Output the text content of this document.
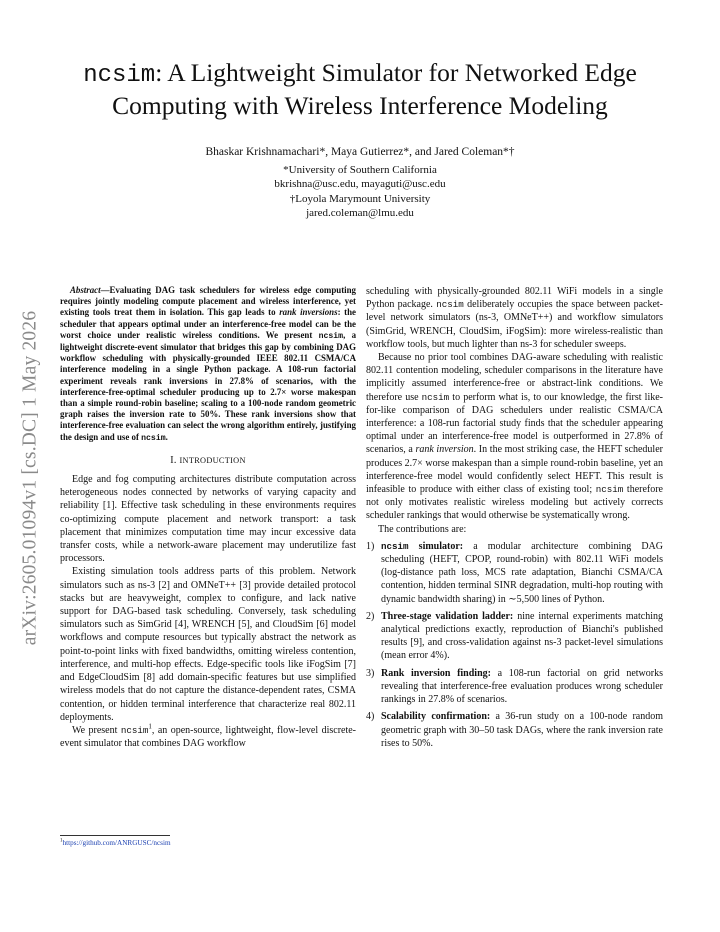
arXiv:2605.01094v1 [cs.DC] 1 May 2026
ncsim: A Lightweight Simulator for Networked Edge Computing with Wireless Interference Modeling
Bhaskar Krishnamachari*, Maya Gutierrez*, and Jared Coleman*†
*University of Southern California
bkrishna@usc.edu, mayaguti@usc.edu
†Loyola Marymount University
jared.coleman@lmu.edu

Abstract—Evaluating DAG task schedulers for wireless edge computing requires jointly modeling compute placement and wireless interference, yet existing tools treat them in isolation. This gap leads to rank inversions: the scheduler that appears optimal under an interference-free model can be the worst choice under realistic wireless conditions. We present ncsim, a lightweight discrete-event simulator that bridges this gap by combining DAG workflow scheduling with physically-grounded IEEE 802.11 CSMA/CA interference modeling in a single Python package. A 108-run factorial experiment reveals rank inversions in 27.8% of scenarios, with the interference-free-optimal scheduler producing up to 2.7× worse makespan than a simple round-robin baseline; scaling to a 100-node random geometric graph raises the inversion rate to 50%. These rank inversions show that interference-free evaluation can select the wrong algorithm entirely, justifying the design and use of ncsim.

I. INTRODUCTION

Edge and fog computing architectures distribute computation across heterogeneous nodes connected by networks of varying capacity and reliability [1]. Effective task scheduling in these environments requires co-optimizing compute placement and network transport: a task placement that minimizes computation time may incur excessive data transfer costs, while a network-aware placement may underutilize fast processors.

Existing simulation tools address parts of this problem. Network simulators such as ns-3 [2] and OMNeT++ [3] provide detailed protocol stacks but are heavyweight, complex to configure, and lack native support for DAG-based task scheduling. Conversely, task scheduling simulators such as SimGrid [4], WRENCH [5], and CloudSim [6] model workflows and compute resources but typically abstract the network as point-to-point links with fixed bandwidths, omitting wireless contention, interference, and multi-hop effects. Edge-specific tools like iFogSim [7] and EdgeCloudSim [8] add domain-specific features but use simplified wireless models that do not capture the distance-dependent rates, CSMA contention, or hidden terminal interference that characterize real 802.11 deployments.

We present ncsim$^1$, an open-source, lightweight, flow-level discrete-event simulator that combines DAG workflow

scheduling with physically-grounded 802.11 WiFi models in a single Python package. ncsim deliberately occupies the space between packet-level network simulators (ns-3, OMNeT++) and workflow simulators (SimGrid, WRENCH, CloudSim, iFogSim): more wireless-realistic than workflow tools, but much lighter than ns-3 for scheduler sweeps.

Because no prior tool combines DAG-aware scheduling with realistic 802.11 contention modeling, scheduler comparisons in the literature have implicitly assumed interference-free or abstract-link conditions. We therefore use ncsim to perform what is, to our knowledge, the first like-for-like comparison of DAG schedulers under realistic CSMA/CA interference: a 108-run factorial study finds that the scheduler appearing optimal under an interference-free model is outperformed in 27.8% of scenarios, a rank inversion. In the most striking case, the HEFT scheduler produces 2.7× worse makespan than a simple round-robin baseline, yet an interference-free model would confidently select HEFT. This result is infeasible to produce with either class of existing tool; ncsim therefore not only motivates realistic wireless modeling but actively corrects scheduler rankings that would otherwise be systematically wrong.

The contributions are:

1) ncsim simulator: a modular architecture combining DAG scheduling (HEFT, CPOP, round-robin) with 802.11 WiFi models (log-distance path loss, MCS rate adaptation, Bianchi CSMA/CA contention, hidden terminal SINR degradation, multi-hop routing with dynamic bandwidth sharing) in ∼5,500 lines of Python.
2) Three-stage validation ladder: nine internal experiments matching analytical predictions exactly, reproduction of Bianchi's published results [9], and cross-validation against ns-3 packet-level simulations (mean error 4%).
3) Rank inversion finding: a 108-run factorial on grid networks revealing that interference-free evaluation produces wrong scheduler rankings in 27.8% of scenarios.
4) Scalability confirmation: a 36-run study on a 100-node random geometric graph with 30–50 task DAGs, where the rank inversion rate rises to 50%.
$^1$https://github.com/ANRGUSC/ncsim
